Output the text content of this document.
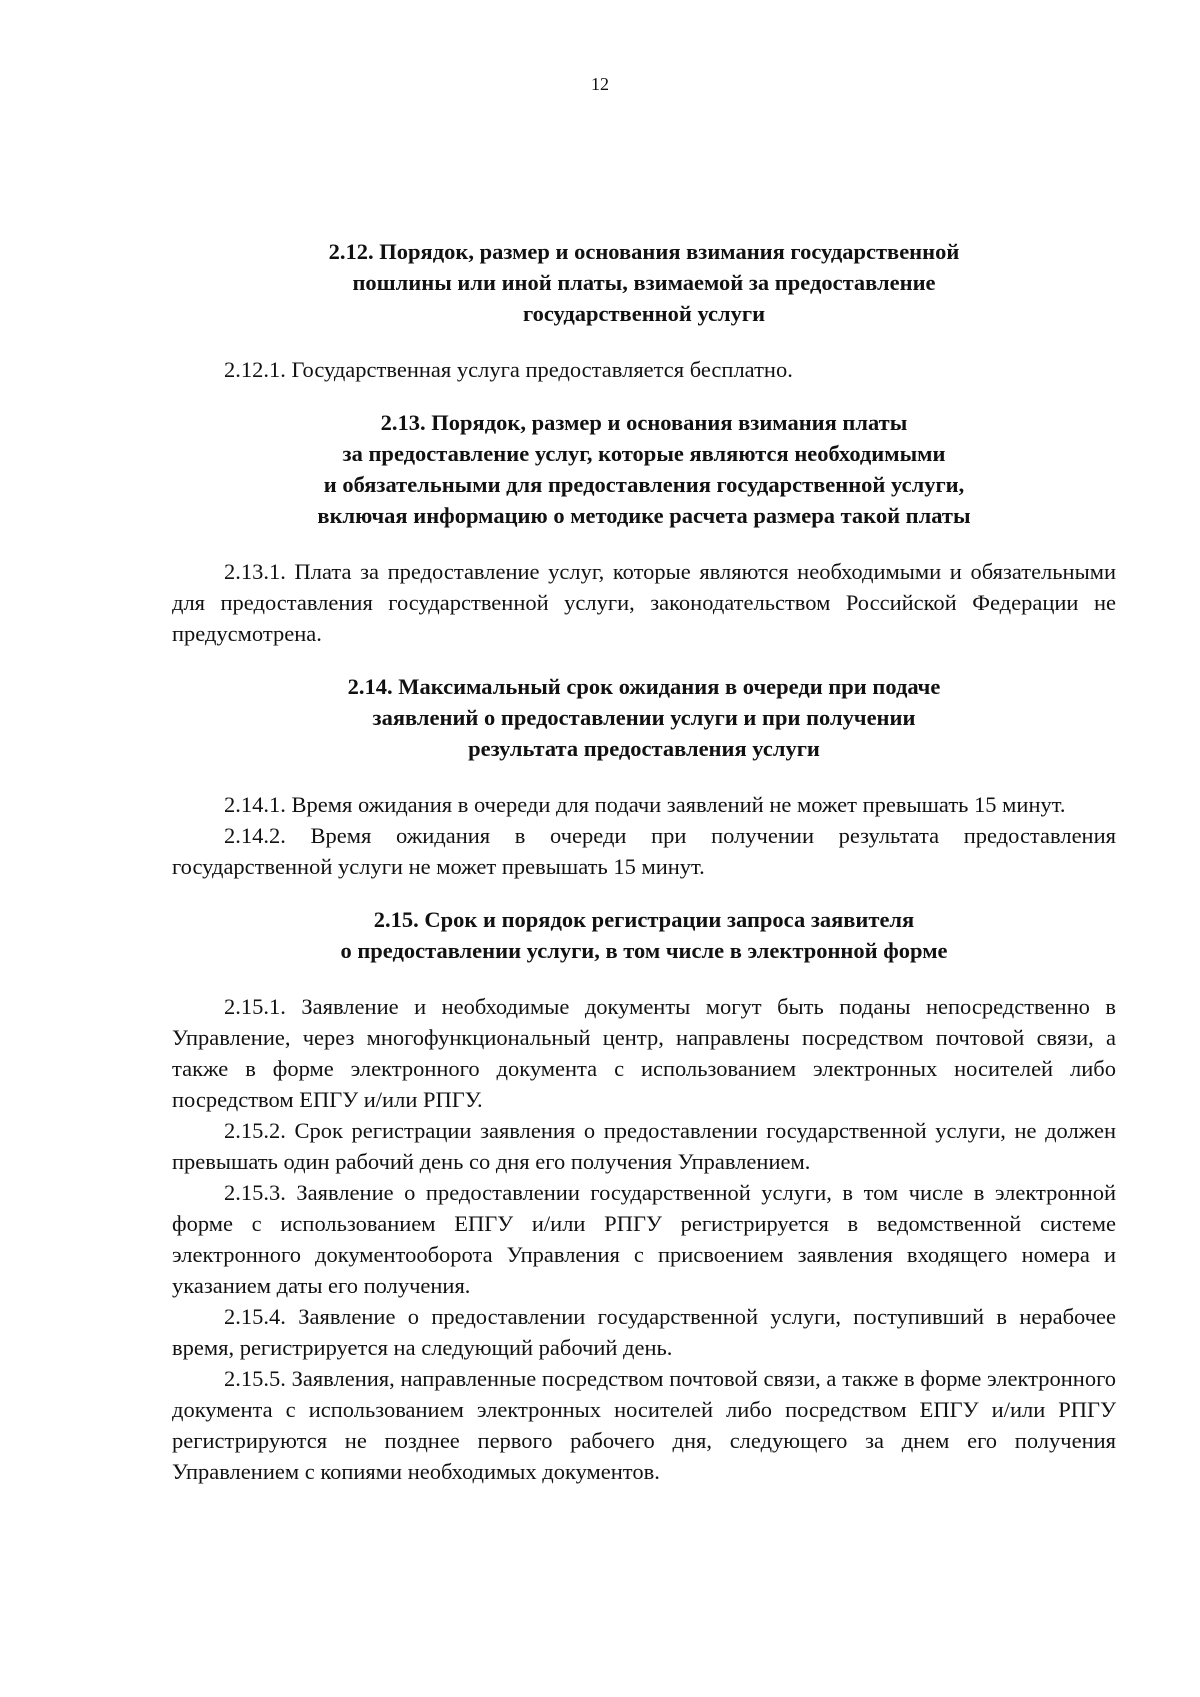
12
2.12. Порядок, размер и основания взимания государственной
пошлины или иной платы, взимаемой за предоставление
государственной услуги

2.12.1. Государственная услуга предоставляется бесплатно.

2.13. Порядок, размер и основания взимания платы
за предоставление услуг, которые являются необходимыми
и обязательными для предоставления государственной услуги,
включая информацию о методике расчета размера такой платы

2.13.1. Плата за предоставление услуг, которые являются необходимыми и обязательными для предоставления государственной услуги, законодательством Российской Федерации не предусмотрена.

2.14. Максимальный срок ожидания в очереди при подаче
заявлений о предоставлении услуги и при получении
результата предоставления услуги

2.14.1. Время ожидания в очереди для подачи заявлений не может превышать 15 минут.

2.14.2. Время ожидания в очереди при получении результата предоставления государственной услуги не может превышать 15 минут.

2.15. Срок и порядок регистрации запроса заявителя
о предоставлении услуги, в том числе в электронной форме

2.15.1. Заявление и необходимые документы могут быть поданы непосредственно в Управление, через многофункциональный центр, направлены посредством почтовой связи, а также в форме электронного документа с использованием электронных носителей либо посредством ЕПГУ и/или РПГУ.

2.15.2. Срок регистрации заявления о предоставлении государственной услуги, не должен превышать один рабочий день со дня его получения Управлением.

2.15.3. Заявление о предоставлении государственной услуги, в том числе в электронной форме с использованием ЕПГУ и/или РПГУ регистрируется в ведомственной системе электронного документооборота Управления с присвоением заявления входящего номера и указанием даты его получения.

2.15.4. Заявление о предоставлении государственной услуги, поступивший в нерабочее время, регистрируется на следующий рабочий день.

2.15.5. Заявления, направленные посредством почтовой связи, а также в форме электронного документа с использованием электронных носителей либо посредством ЕПГУ и/или РПГУ регистрируются не позднее первого рабочего дня, следующего за днем его получения Управлением с копиями необходимых документов.
